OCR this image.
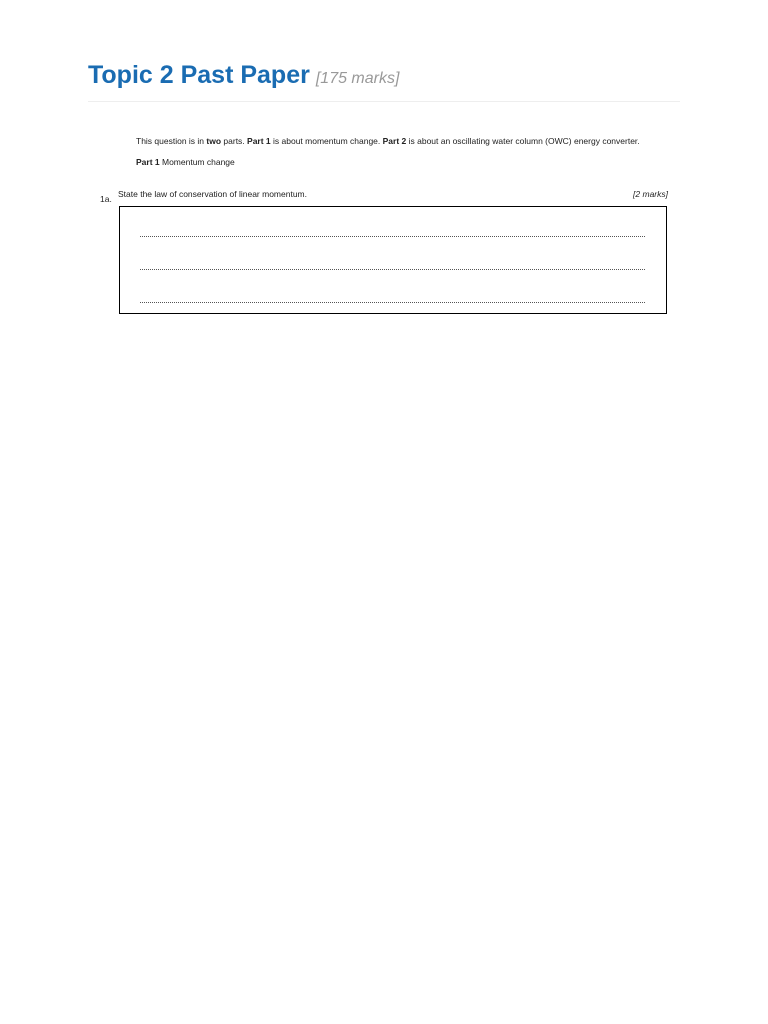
Topic 2 Past Paper [175 marks]

This question is in two parts. Part 1 is about momentum change. Part 2 is about an oscillating water column (OWC) energy converter.

Part 1 Momentum change

1a. State the law of conservation of linear momentum.	[2 marks]
